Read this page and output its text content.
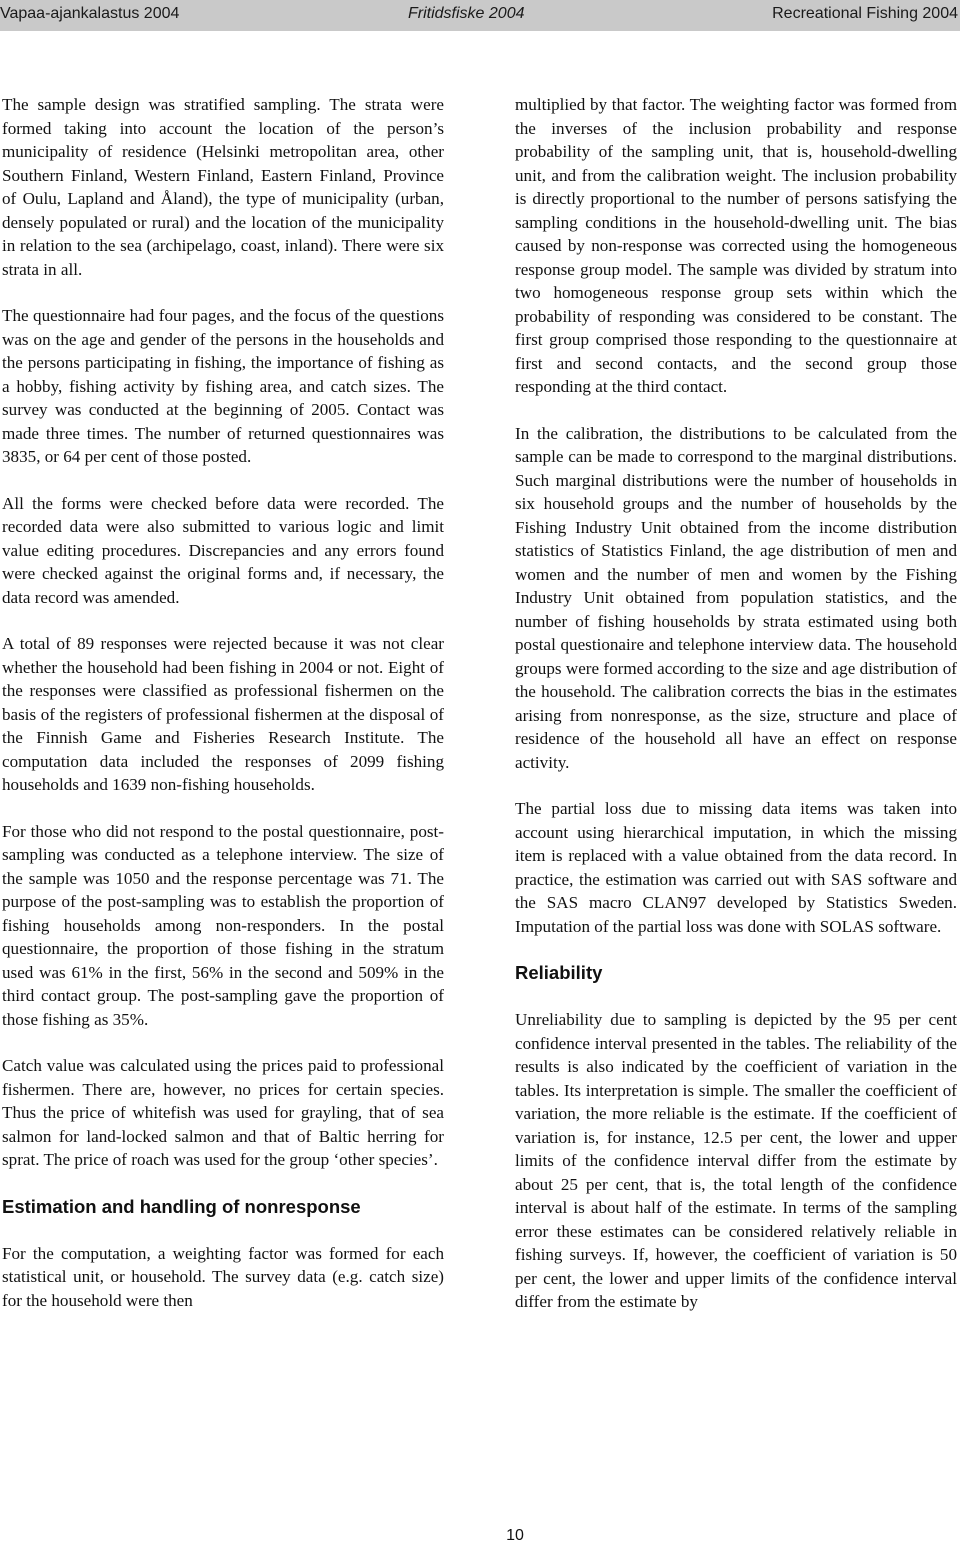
Vapaa-ajankalastus 2004	Fritidsfiske 2004	Recreational Fishing 2004

The sample design was stratified sampling. The strata were formed taking into account the location of the person’s municipality of residence (Helsinki metropolitan area, other Southern Finland, Western Finland, Eastern Finland, Province of Oulu, Lapland and Åland), the type of municipality (urban, densely populated or rural) and the location of the municipality in relation to the sea (archipelago, coast, inland). There were six strata in all.

The questionnaire had four pages, and the focus of the questions was on the age and gender of the persons in the households and the persons participating in fishing, the importance of fishing as a hobby, fishing activity by fishing area, and catch sizes. The survey was conducted at the beginning of 2005. Contact was made three times. The number of returned questionnaires was 3835, or 64 per cent of those posted.

All the forms were checked before data were recorded. The recorded data were also submitted to various logic and limit value editing procedures. Discrepancies and any errors found were checked against the original forms and, if necessary, the data record was amended.

A total of 89 responses were rejected because it was not clear whether the household had been fishing in 2004 or not. Eight of the responses were classified as professional fishermen on the basis of the registers of professional fishermen at the disposal of the Finnish Game and Fisheries Research Institute. The computation data included the responses of 2099 fishing households and 1639 non-fishing households.

For those who did not respond to the postal questionnaire, post-sampling was conducted as a telephone interview. The size of the sample was 1050 and the response percentage was 71. The purpose of the post-sampling was to establish the proportion of fishing households among non-responders. In the postal questionnaire, the proportion of those fishing in the stratum used was 61% in the first, 56% in the second and 509% in the third contact group. The post-sampling gave the proportion of those fishing as 35%.

Catch value was calculated using the prices paid to professional fishermen. There are, however, no prices for certain species. Thus the price of whitefish was used for grayling, that of sea salmon for land-locked salmon and that of Baltic herring for sprat. The price of roach was used for the group ‘other species’.

Estimation and handling of nonresponse

For the computation, a weighting factor was formed for each statistical unit, or household. The survey data (e.g. catch size) for the household were then

multiplied by that factor. The weighting factor was formed from the inverses of the inclusion probability and response probability of the sampling unit, that is, household-dwelling unit, and from the calibration weight. The inclusion probability is directly proportional to the number of persons satisfying the sampling conditions in the household-dwelling unit. The bias caused by non-response was corrected using the homogeneous response group model. The sample was divided by stratum into two homogeneous response group sets within which the probability of responding was considered to be constant. The first group comprised those responding to the questionnaire at first and second contacts, and the second group those responding at the third contact.

In the calibration, the distributions to be calculated from the sample can be made to correspond to the marginal distributions. Such marginal distributions were the number of households in six household groups and the number of households by the Fishing Industry Unit obtained from the income distribution statistics of Statistics Finland, the age distribution of men and women and the number of men and women by the Fishing Industry Unit obtained from population statistics, and the number of fishing households by strata estimated using both postal questionaire and telephone interview data. The household groups were formed according to the size and age distribution of the household. The calibration corrects the bias in the estimates arising from nonresponse, as the size, structure and place of residence of the household all have an effect on response activity.

The partial loss due to missing data items was taken into account using hierarchical imputation, in which the missing item is replaced with a value obtained from the data record. In practice, the estimation was carried out with SAS software and the SAS macro CLAN97 developed by Statistics Sweden. Imputation of the partial loss was done with SOLAS software.

Reliability

Unreliability due to sampling is depicted by the 95 per cent confidence interval presented in the tables. The reliability of the results is also indicated by the coefficient of variation in the tables. Its interpretation is simple. The smaller the coefficient of variation, the more reliable is the estimate. If the coefficient of variation is, for instance, 12.5 per cent, the lower and upper limits of the confidence interval differ from the estimate by about 25 per cent, that is, the total length of the confidence interval is about half of the estimate. In terms of the sampling error these estimates can be considered relatively reliable in fishing surveys. If, however, the coefficient of variation is 50 per cent, the lower and upper limits of the confidence interval differ from the estimate by

10
